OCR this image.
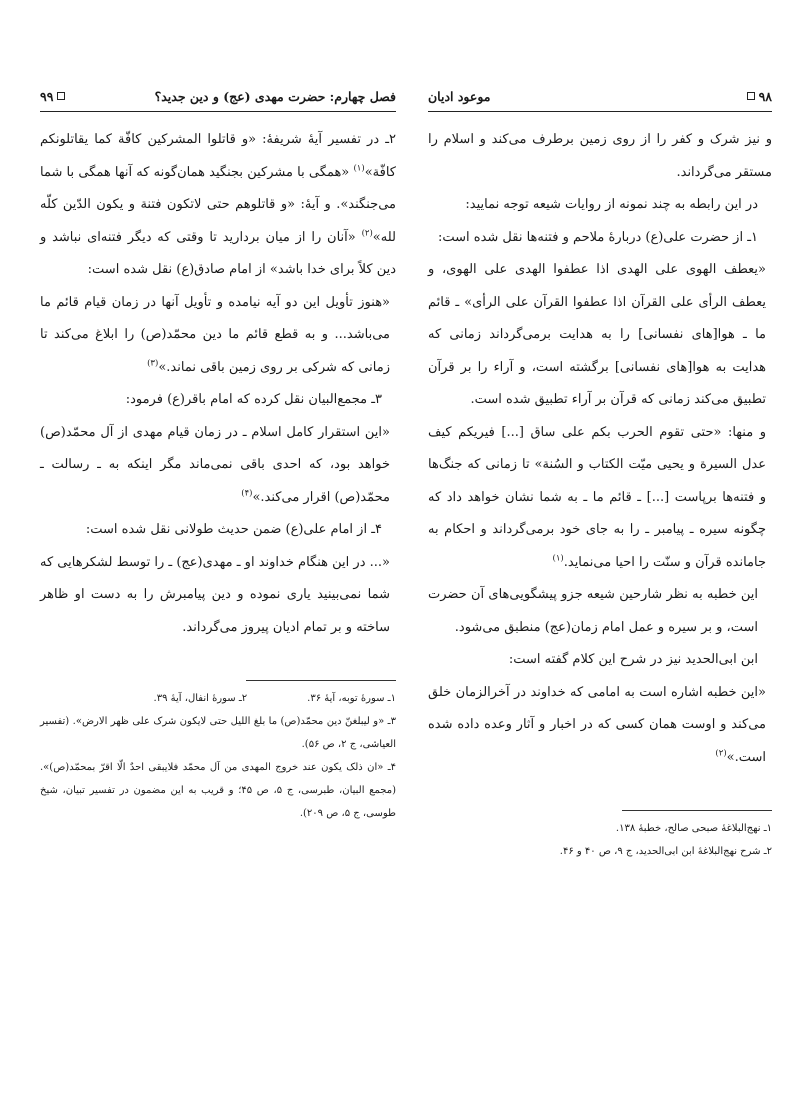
۹۸
موعود ادیان

و نیز شرک و کفر را از روی زمین برطرف می‌کند و اسلام را مستقر می‌گرداند.

در این رابطه به چند نمونه از روایات شیعه توجه نمایید:

۱ـ از حضرت علی(ع) دربارهٔ ملاحم و فتنه‌ها نقل شده است:

«یعطف الهوی علی الهدی اذا عطفوا الهدی علی الهوی، و یعطف الرأی علی القرآن اذا عطفوا القرآن علی الرأی» ـ قائم ما ـ هوا[های نفسانی] را به هدایت برمی‌گرداند زمانی که هدایت به هوا[های نفسانی] برگشته است، و آراء را بر قرآن تطبیق می‌کند زمانی که قرآن بر آراء تطبیق شده است.

و منها: «حتی تقوم الحرب بکم علی ساق [...] فیریکم کیف عدل السیرة و یحیی میّت الکتاب و السُنة» تا زمانی که جنگ‌ها و فتنه‌ها برپاست [...] ـ قائم ما ـ به شما نشان خواهد داد که چگونه سیره ـ پیامبر ـ را به جای خود برمی‌گرداند و احکام به جامانده قرآن و سنّت را احیا می‌نماید.$^{(۱)}$

این خطبه به نظر شارحین شیعه جزو پیشگویی‌های آن حضرت است، و بر سیره و عمل امام زمان(عج) منطبق می‌شود.

ابن ابی‌الحدید نیز در شرح این کلام گفته است:

«این خطبه اشاره است به امامی که خداوند در آخرالزمان خلق می‌کند و اوست همان کسی که در اخبار و آثار وعده داده شده است.»$^{(۲)}$

۱ـ نهج‌البلاغهٔ صبحی صالح، خطبهٔ ۱۳۸.

۲ـ شرح نهج‌البلاغهٔ ابن ابی‌الحدید، ج ۹، ص ۴۰ و ۴۶.

فصل چهارم: حضرت مهدی (عج) و دین جدید؟
۹۹

۲ـ در تفسیر آیهٔ شریفهٔ: «و قاتلوا المشرکین کافّة کما یقاتلونکم کافّة»$^{(۱)}$ «همگی با مشرکین بجنگید همان‌گونه که آنها همگی با شما می‌جنگند». و آیهٔ: «و قاتلوهم حتی لاتکون فتنة و یکون الدّین کلّه لله»$^{(۲)}$ «آنان را از میان بردارید تا وقتی که دیگر فتنه‌ای نباشد و دین کلاً برای خدا باشد» از امام صادق(ع) نقل شده است:

«هنوز تأویل این دو آیه نیامده و تأویل آنها در زمان قیام قائم ما می‌باشد... و به قطع قائم ما دین محمّد(ص) را ابلاغ می‌کند تا زمانی که شرکی بر روی زمین باقی نماند.»$^{(۳)}$

۳ـ مجمع‌البیان نقل کرده که امام باقر(ع) فرمود:

«این استقرار کامل اسلام ـ در زمان قیام مهدی از آل محمّد(ص) خواهد بود، که احدی باقی نمی‌ماند مگر اینکه به ـ رسالت ـ محمّد(ص) اقرار می‌کند.»$^{(۴)}$

۴ـ از امام علی(ع) ضمن حدیث طولانی نقل شده است:

«... در این هنگام خداوند او ـ مهدی(عج) ـ را توسط لشکرهایی که شما نمی‌بینید یاری نموده و دین پیامبرش را به دست او ظاهر ساخته و بر تمام ادیان پیروز می‌گرداند.

۱ـ سورهٔ توبه، آیهٔ ۳۶.
۲ـ سورهٔ انفال، آیهٔ ۳۹.

۳ـ «و لیبلغنّ دین محمّد(ص) ما بلغ اللیل حتی لایکون شرک علی ظهر الارض». (تفسیر العیاشی، ج ۲، ص ۵۶).

۴ـ «ان ذلک یکون عند خروج المهدی من آل محمّد فلایبقی احدٌ الّا اقرّ بمحمّد(ص)». (مجمع البیان، طبرسی، ج ۵، ص ۴۵؛ و قریب به این مضمون در تفسیر تبیان، شیخ طوسی، ج ۵، ص ۲۰۹).
